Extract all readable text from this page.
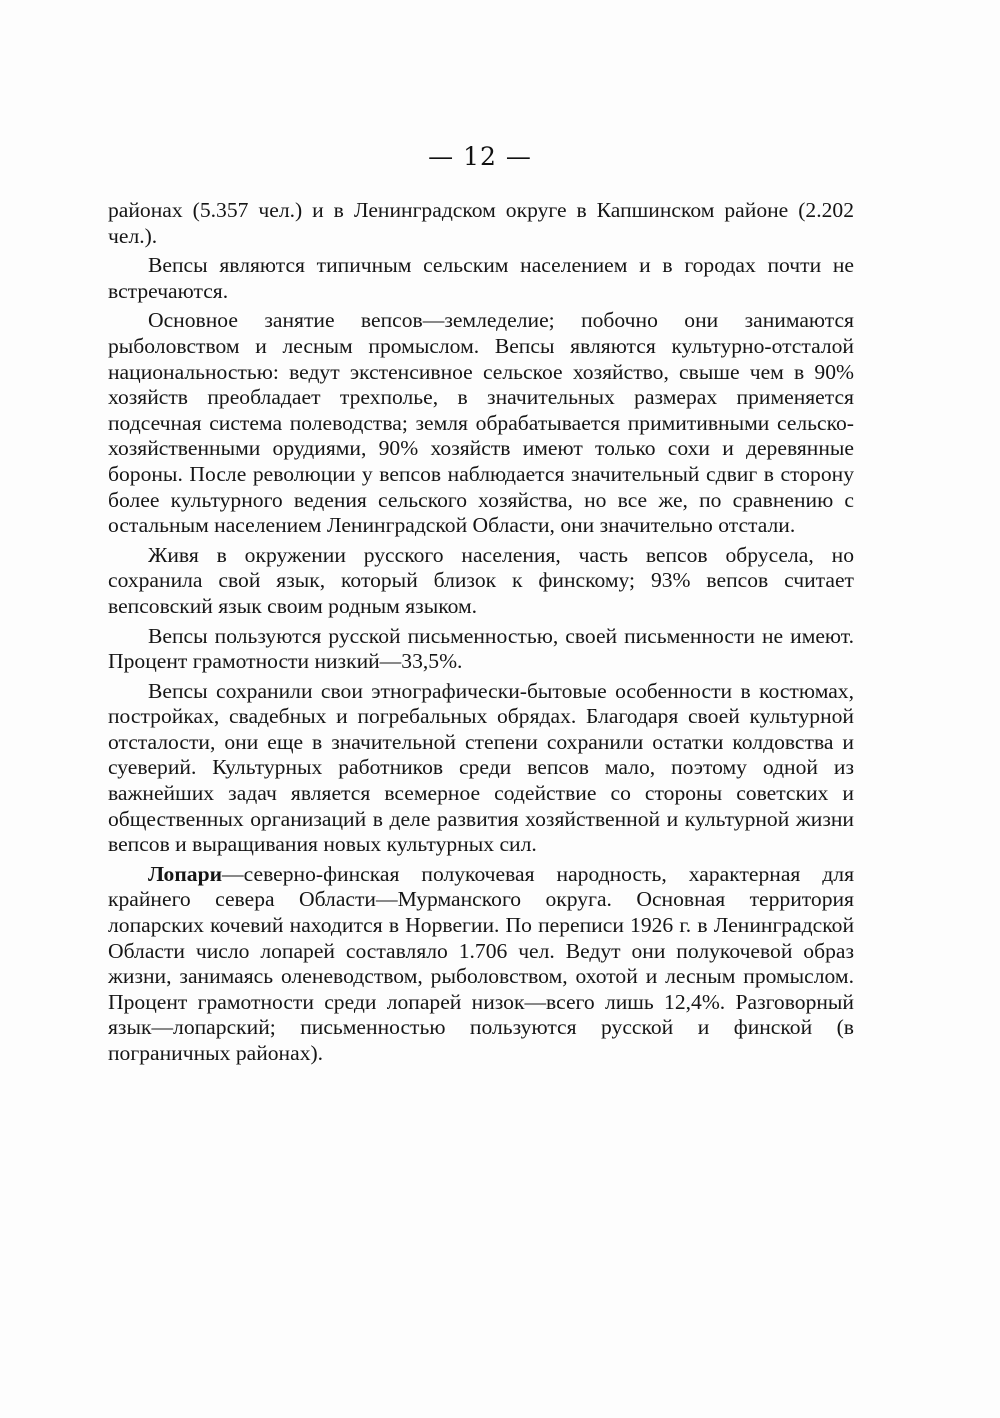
— 12 —

районах (5.357 чел.) и в Ленинградском округе в Капшинском районе (2.202 чел.).

Вепсы являются типичным сельским населением и в городах почти не встречаются.

Основное занятие вепсов—земледелие; побочно они занимаются рыболовством и лесным промыслом. Вепсы являются культурно-отсталой национальностью: ведут экстенсивное сельское хозяйство, свыше чем в 90% хозяйств преобладает трехполье, в значительных размерах применяется подсечная система полеводства; земля обрабатывается примитивными сельско-хозяйственными орудиями, 90% хозяйств имеют только сохи и деревянные бороны. После революции у вепсов наблюдается значительный сдвиг в сторону более культурного ведения сельского хозяйства, но все же, по сравнению с остальным населением Ленинградской Области, они значительно отстали.

Живя в окружении русского населения, часть вепсов обрусела, но сохранила свой язык, который близок к финскому; 93% вепсов считает вепсовский язык своим родным языком.

Вепсы пользуются русской письменностью, своей письменности не имеют. Процент грамотности низкий—33,5%.

Вепсы сохранили свои этнографически-бытовые особенности в костюмах, постройках, свадебных и погребальных обрядах. Благодаря своей культурной отсталости, они еще в значительной степени сохранили остатки колдовства и суеверий. Культурных работников среди вепсов мало, поэтому одной из важнейших задач является всемерное содействие со стороны советских и общественных организаций в деле развития хозяйственной и культурной жизни вепсов и выращивания новых культурных сил.

Лопари—северно-финская полукочевая народность, характерная для крайнего севера Области—Мурманского округа. Основная территория лопарских кочевий находится в Норвегии. По переписи 1926 г. в Ленинградской Области число лопарей составляло 1.706 чел. Ведут они полукочевой образ жизни, занимаясь оленеводством, рыболовством, охотой и лесным промыслом. Процент грамотности среди лопарей низок—всего лишь 12,4%. Разговорный язык—лопарский; письменностью пользуются русской и финской (в пограничных районах).
